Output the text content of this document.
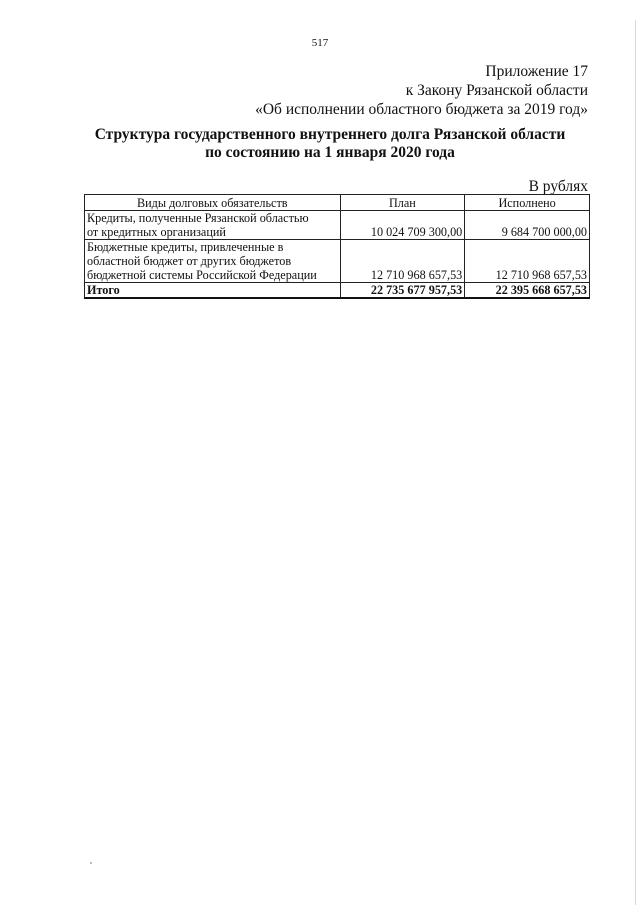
517
Приложение 17
к Закону Рязанской области
«Об исполнении областного бюджета за 2019 год»
Структура государственного внутреннего долга Рязанской области
по состоянию на 1 января 2020 года
В рублях
Виды долговых обязательств	План	Исполнено

Кредиты, полученные Рязанской областью
от кредитных организаций	10 024 709 300,00	9 684 700 000,00

Бюджетные кредиты, привлеченные в
областной бюджет от других бюджетов
бюджетной системы Российской Федерации	12 710 968 657,53	12 710 968 657,53
Итого	22 735 677 957,53	22 395 668 657,53
